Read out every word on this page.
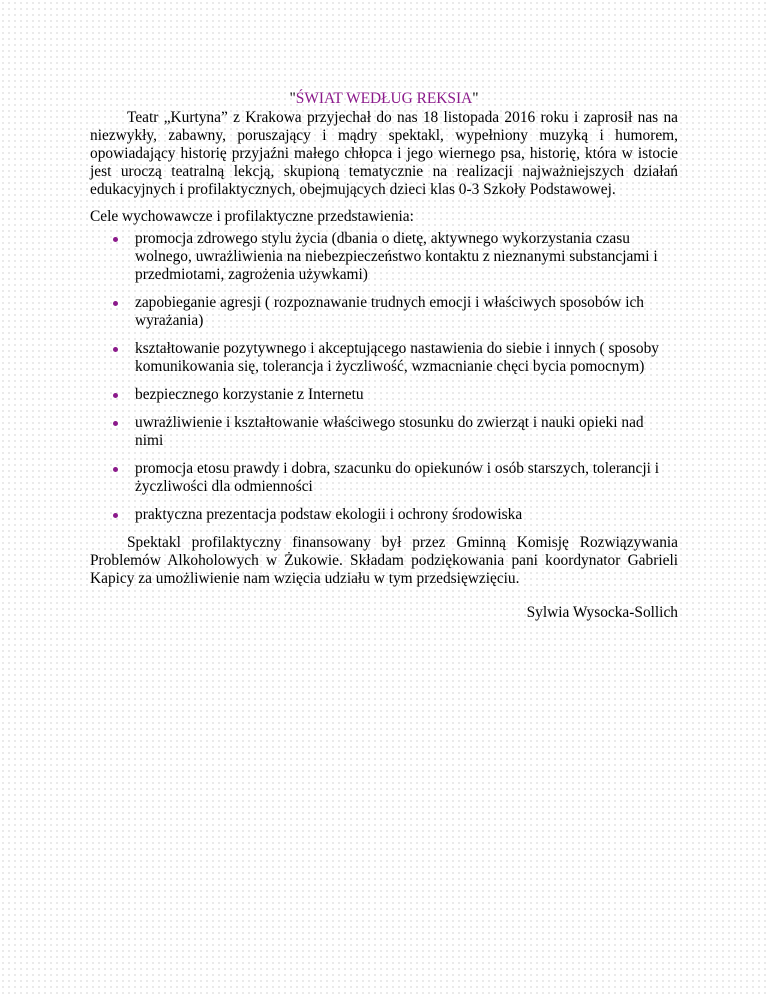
"ŚWIAT WEDŁUG REKSIA"

Teatr „Kurtyna” z Krakowa przyjechał do nas 18 listopada 2016 roku i zaprosił nas na niezwykły, zabawny, poruszający i mądry spektakl, wypełniony muzyką i humorem, opowiadający historię przyjaźni małego chłopca i jego wiernego psa, historię, która w istocie jest uroczą teatralną lekcją, skupioną tematycznie na realizacji najważniejszych działań edukacyjnych i profilaktycznych, obejmujących dzieci klas 0-3 Szkoły Podstawowej.

Cele wychowawcze i profilaktyczne przedstawienia:

promocja zdrowego stylu życia (dbania o dietę, aktywnego wykorzystania czasu wolnego, uwrażliwienia na niebezpieczeństwo kontaktu z nieznanymi substancjami i przedmiotami, zagrożenia używkami)
zapobieganie agresji ( rozpoznawanie trudnych emocji i właściwych sposobów ich wyrażania)
kształtowanie pozytywnego i akceptującego nastawienia do siebie i innych ( sposoby komunikowania się, tolerancja i życzliwość, wzmacnianie chęci bycia pomocnym)
bezpiecznego korzystanie z Internetu
uwrażliwienie i kształtowanie właściwego stosunku do zwierząt i nauki opieki nad nimi
promocja etosu prawdy i dobra, szacunku do opiekunów i osób starszych, tolerancji i życzliwości dla odmienności
praktyczna prezentacja podstaw ekologii i ochrony środowiska

Spektakl profilaktyczny finansowany był przez Gminną Komisję Rozwiązywania Problemów Alkoholowych w Żukowie. Składam podziękowania pani koordynator Gabrieli Kapicy za umożliwienie nam wzięcia udziału w tym przedsięwzięciu.

Sylwia Wysocka-Sollich
